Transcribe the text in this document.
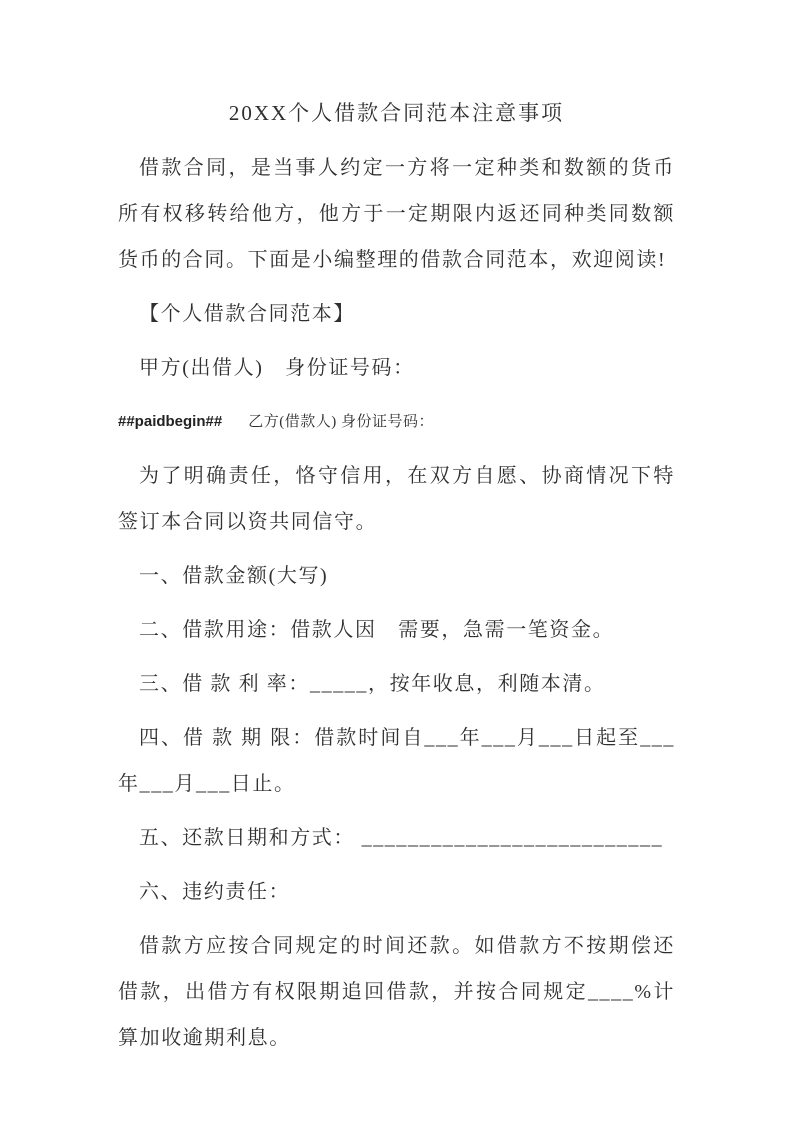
20XX个人借款合同范本注意事项

借款合同，是当事人约定一方将一定种类和数额的货币所有权移转给他方，他方于一定期限内返还同种类同数额货币的合同。下面是小编整理的借款合同范本，欢迎阅读!

【个人借款合同范本】

甲方(出借人)　身份证号码：

##paidbegin## 乙方(借款人) 身份证号码：

为了明确责任，恪守信用，在双方自愿、协商情况下特签订本合同以资共同信守。

一、借款金额(大写)

二、借款用途：借款人因　需要，急需一笔资金。

三、借 款 利 率：_____，按年收息，利随本清。

四、借 款 期 限：借款时间自___年___月___日起至___年___月___日止。

五、还款日期和方式： __________________________

六、违约责任：

借款方应按合同规定的时间还款。如借款方不按期偿还借款，出借方有权限期追回借款，并按合同规定____%计算加收逾期利息。
